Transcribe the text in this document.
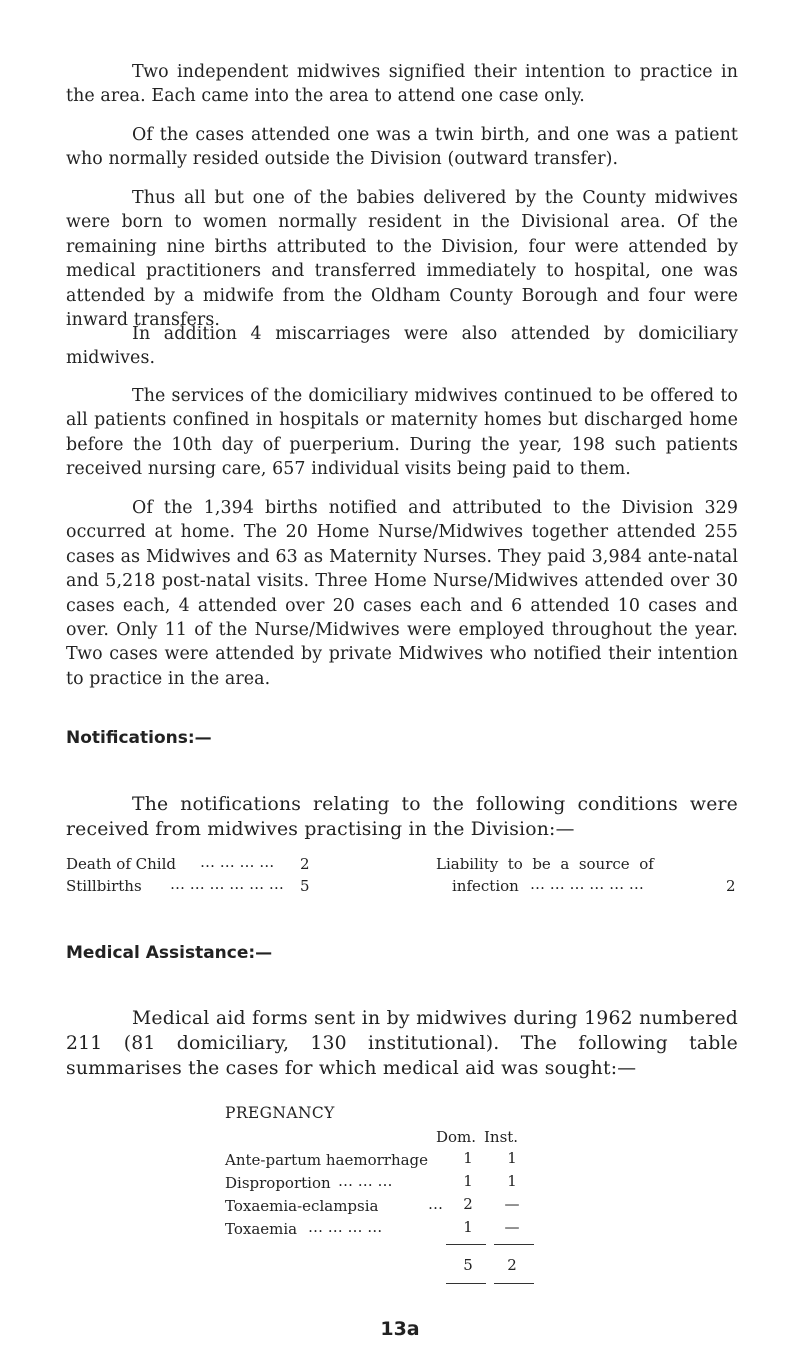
Two independent midwives signified their intention to practice in the area. Each came into the area to attend one case only.
Of the cases attended one was a twin birth, and one was a patient who normally resided outside the Division (outward transfer).
Thus all but one of the babies delivered by the County midwives were born to women normally resident in the Divisional area. Of the remaining nine births attributed to the Division, four were attended by medical practitioners and transferred immediately to hospital, one was attended by a midwife from the Oldham County Borough and four were inward transfers.
In addition 4 miscarriages were also attended by domiciliary midwives.
The services of the domiciliary midwives continued to be offered to all patients confined in hospitals or maternity homes but discharged home before the 10th day of puerperium. During the year, 198 such patients received nursing care, 657 individual visits being paid to them.
Of the 1,394 births notified and attributed to the Division 329 occurred at home. The 20 Home Nurse/Midwives together attended 255 cases as Midwives and 63 as Maternity Nurses. They paid 3,984 ante-natal and 5,218 post-natal visits. Three Home Nurse/Midwives attended over 30 cases each, 4 attended over 20 cases each and 6 attended 10 cases and over. Only 11 of the Nurse/Midwives were employed throughout the year. Two cases were attended by private Midwives who notified their intention to practice in the area.
Notifications:—
The notifications relating to the following conditions were received from midwives practising in the Division:—
Death of Child … … … … 2
Stillbirths … … … … … … 5
Liability  to  be  a  source  of
infection … … … … … …	2
Medical Assistance:—
Medical aid forms sent in by midwives during 1962 numbered 211 (81 domiciliary, 130 institutional). The following table summarises the cases for which medical aid was sought:—
PREGNANCY
Dom. Inst.
Ante-partum haemorrhage	1	1
Disproportion … … …	1	1
Toxaemia-eclampsia	…	2	—
Toxaemia … … … …	1	—
5	2
13a
